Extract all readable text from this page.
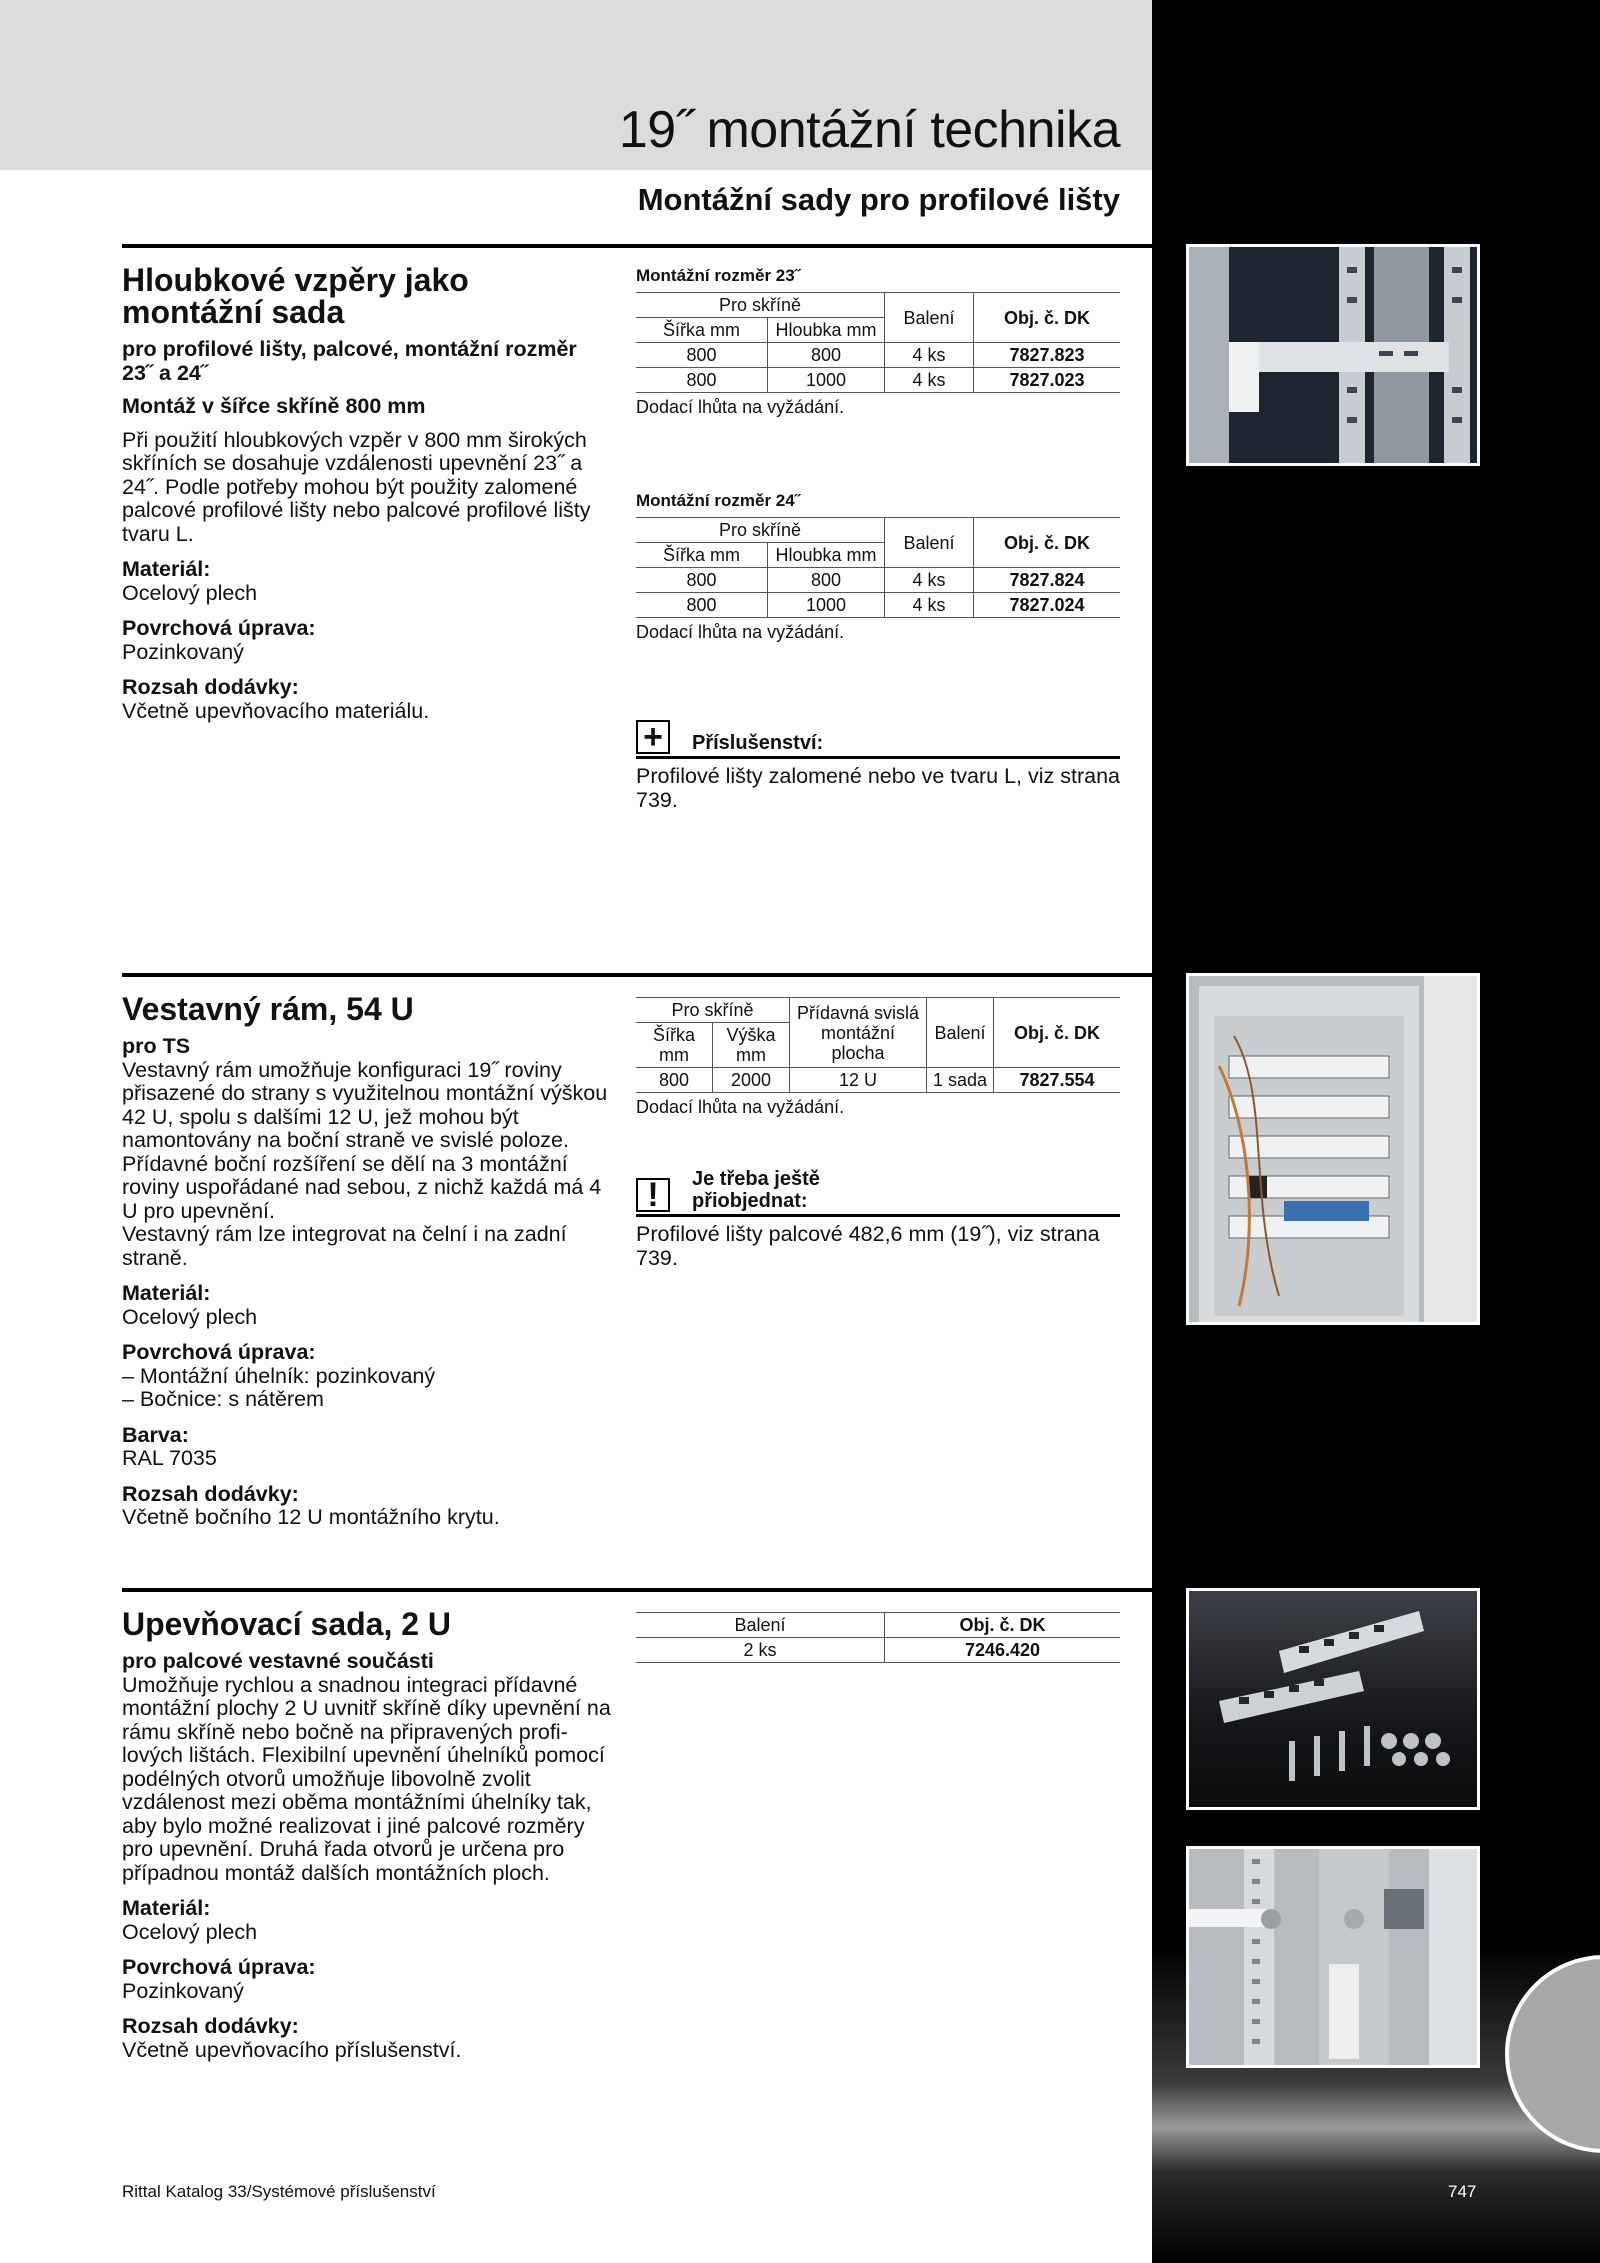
19˝ montážní technika
Montážní sady pro profilové lišty
Hloubkové vzpěry jako montážní sada

pro profilové lišty, palcové, montážní rozměr 23˝ a 24˝

Montáž v šířce skříně 800 mm

Při použití hloubkových vzpěr v 800 mm širokých skříních se dosahuje vzdálenosti upevnění 23˝ a 24˝. Podle potřeby mohou být použity zalomené palcové profilové lišty nebo palcové profilové lišty tvaru L.

Materiál:

Ocelový plech

Povrchová úprava:

Pozinkovaný

Rozsah dodávky:

Včetně upevňovacího materiálu.

Montážní rozměr 23˝

Pro skříně		Balení	Obj. č. DK
Šířka mm	Hloubka mm		
800	800	4 ks	7827.823
800	1000	4 ks	7827.023

Dodací lhůta na vyžádání.

Montážní rozměr 24˝

Pro skříně		Balení	Obj. č. DK
Šířka mm	Hloubka mm		
800	800	4 ks	7827.824
800	1000	4 ks	7827.024

Dodací lhůta na vyžádání.

+	Příslušenství:

Profilové lišty zalomené nebo ve tvaru L, viz strana 739.

Vestavný rám, 54 U

pro TS

Vestavný rám umožňuje konfiguraci 19˝ roviny přisazené do strany s využitelnou montážní výškou 42 U, spolu s dalšími 12 U, jež mohou být namontovány na boční straně ve svislé poloze. Přídavné boční rozšíření se dělí na 3 montážní roviny uspořádané nad sebou, z nichž každá má 4 U pro upevnění.

Vestavný rám lze integrovat na čelní i na zadní straně.

Materiál:

Ocelový plech

Povrchová úprava:

– Montážní úhelník: pozinkovaný

– Bočnice: s nátěrem

Barva:

RAL 7035

Rozsah dodávky:

Včetně bočního 12 U montážního krytu.

Pro skříně		Přídavná svislá montážní plocha	Balení	Obj. č. DK
Šířka mm	Výška mm			
800	2000	12 U	1 sada	7827.554

Dodací lhůta na vyžádání.

!	Je třeba ještě přiobjednat:

Profilové lišty palcové 482,6 mm (19˝), viz strana 739.

Upevňovací sada, 2 U

pro palcové vestavné součásti

Umožňuje rychlou a snadnou integraci přídavné montážní plochy 2 U uvnitř skříně díky upevnění na rámu skříně nebo bočně na připravených profilových lištách. Flexibilní upevnění úhelníků pomocí podélných otvorů umožňuje libovolně zvolit vzdálenost mezi oběma montážními úhelníky tak, aby bylo možné realizovat i jiné palcové rozměry pro upevnění. Druhá řada otvorů je určena pro případnou montáž dalších montážních ploch.

Materiál:

Ocelový plech

Povrchová úprava:

Pozinkovaný

Rozsah dodávky:

Včetně upevňovacího příslušenství.

Balení	Obj. č. DK
2 ks	7246.420
Rittal Katalog 33/Systémové příslušenství	747
